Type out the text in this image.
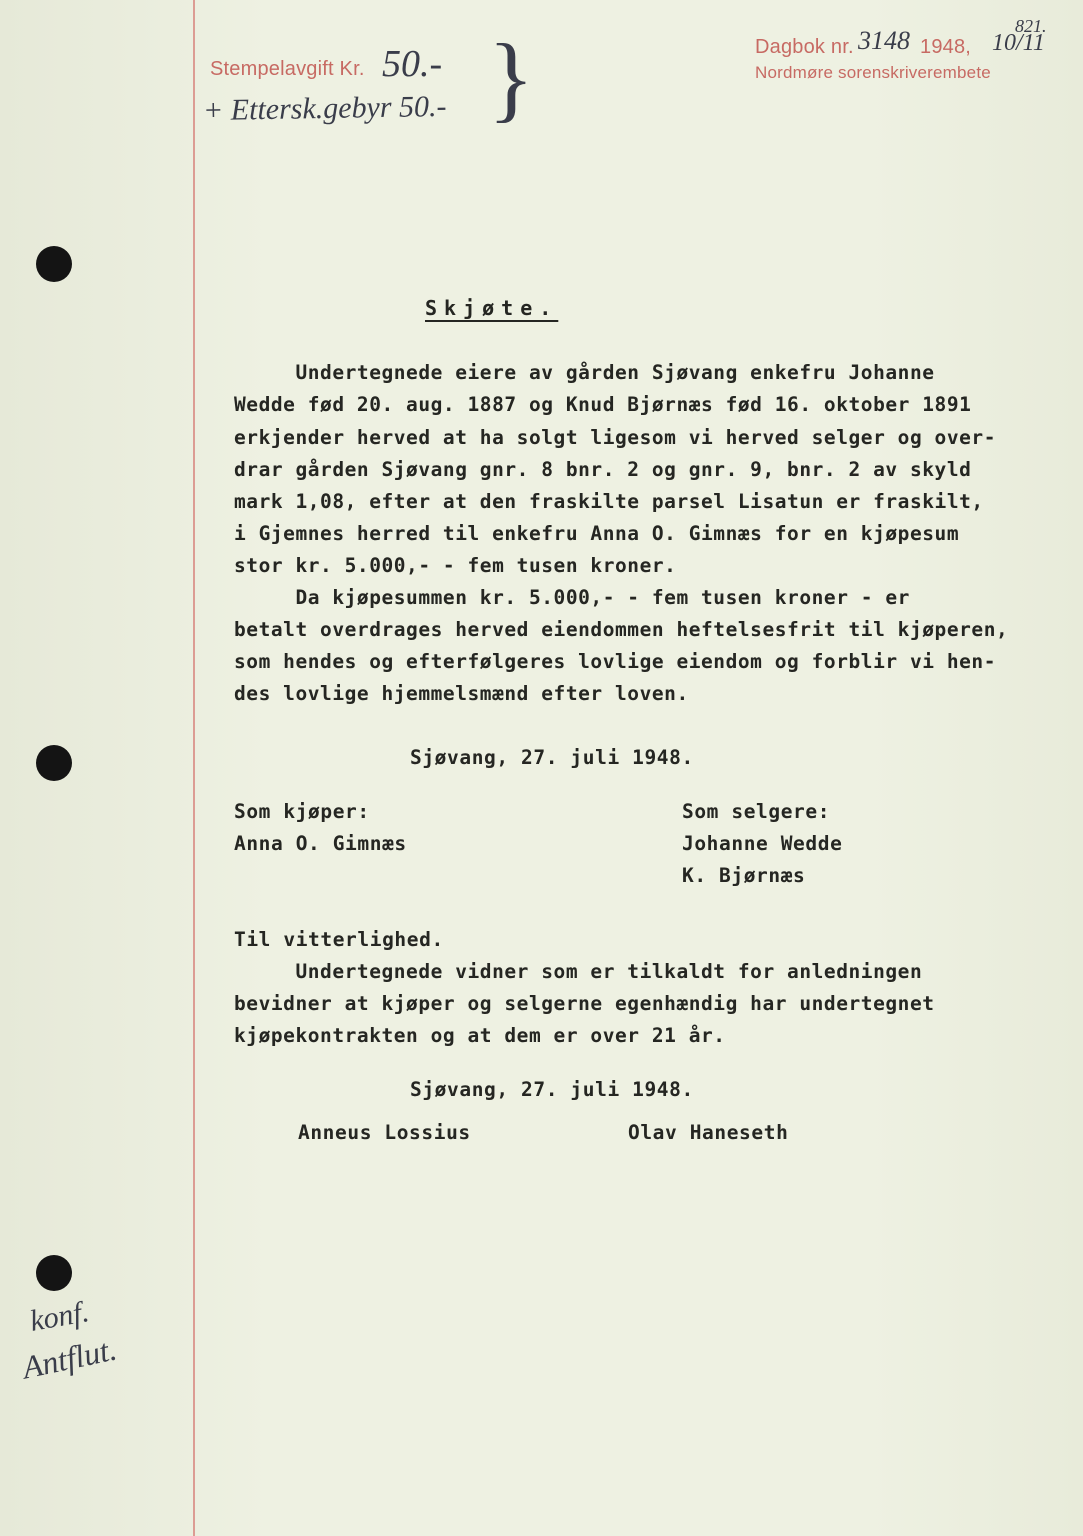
Stempelavgift Kr. 50.-
+ Ettersk.gebyr 50.- }	Dagbok nr. 3148 1948, 10/11
821.
Nordmøre sorenskriverembete
Skjøte.
Undertegnede eiere av gården Sjøvang enkefru Johanne
Wedde fød 20. aug. 1887 og Knud Bjørnæs fød 16. oktober 1891
erkjender herved at ha solgt ligesom vi herved selger og over-
drar gården Sjøvang gnr. 8 bnr. 2 og gnr. 9, bnr. 2 av skyld
mark 1,08, efter at den fraskilte parsel Lisatun er fraskilt,
i Gjemnes herred til enkefru Anna O. Gimnæs for en kjøpesum
stor kr. 5.000,- - fem tusen kroner.
Da kjøpesummen kr. 5.000,- - fem tusen kroner - er
betalt overdrages herved eiendommen heftelsesfrit til kjøperen,
som hendes og efterfølgeres lovlige eiendom og forblir vi hen-
des lovlige hjemmelsmænd efter loven.
Sjøvang, 27. juli 1948.
Som kjøper:
Anna O. Gimnæs
Som selgere:
Johanne Wedde
K. Bjørnæs
Til vitterlighed.
Undertegnede vidner som er tilkaldt for anledningen
bevidner at kjøper og selgerne egenhændig har undertegnet
kjøpekontrakten og at dem er over 21 år.
Sjøvang, 27. juli 1948.
Anneus Lossius	Olav Haneseth
konf.
Antflut.
